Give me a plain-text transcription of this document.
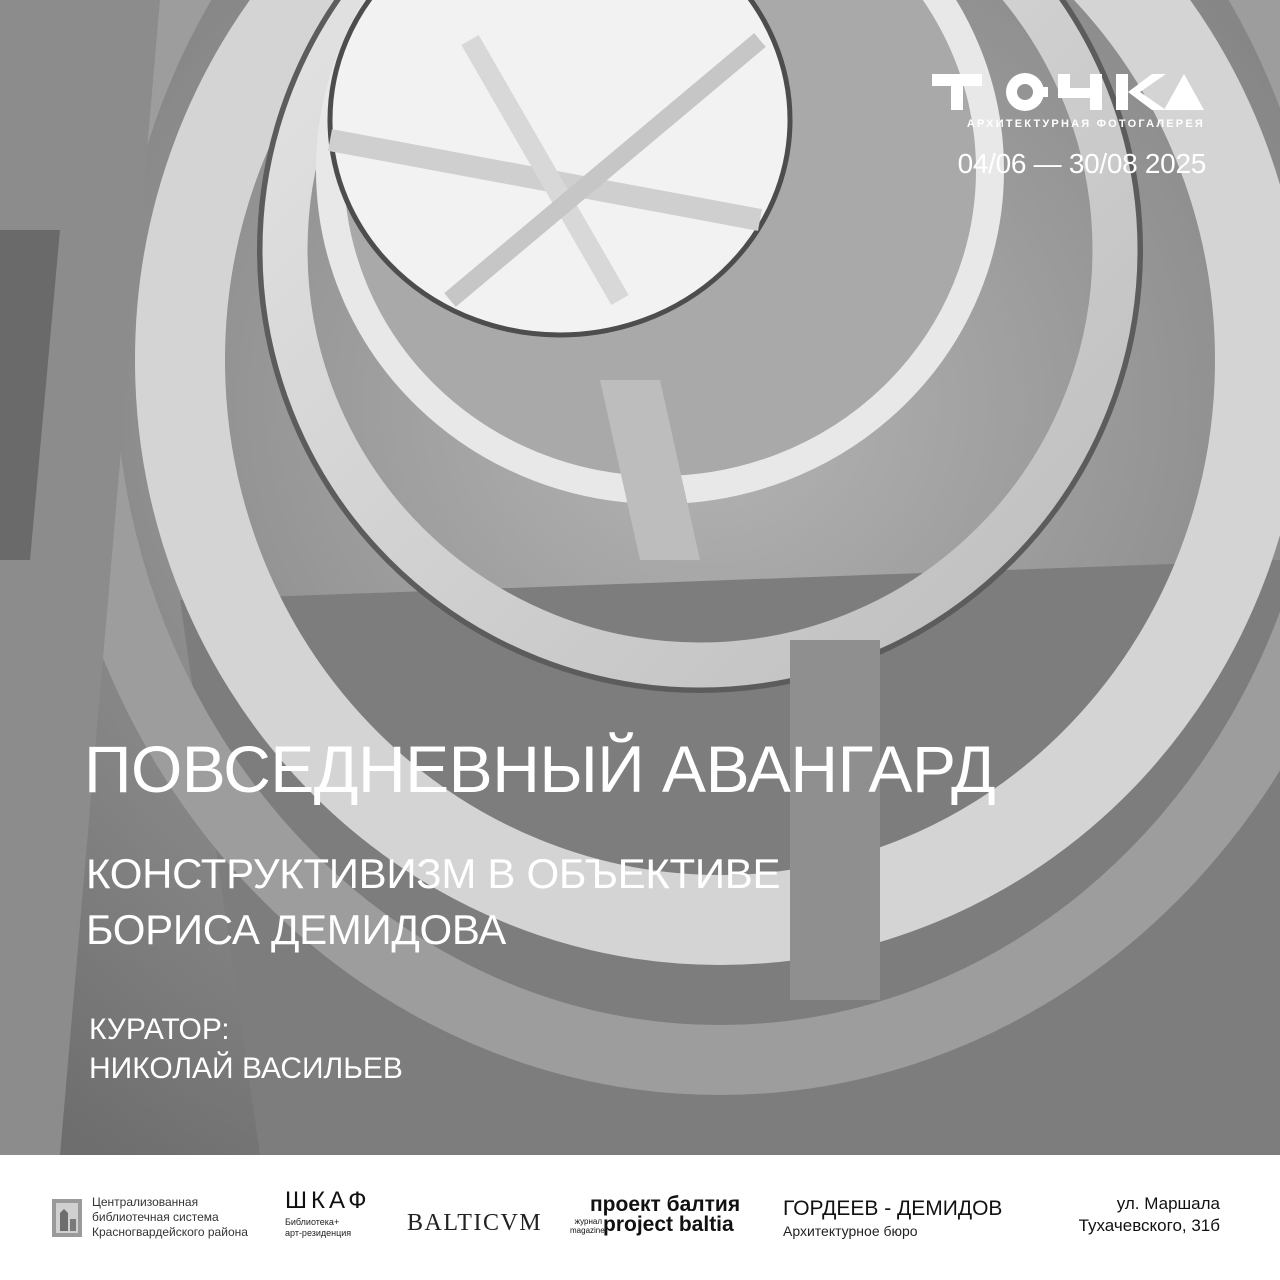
АРХИТЕКТУРНАЯ ФОТОГАЛЕРЕЯ
04/06 — 30/08 2025
ПОВСЕДНЕВНЫЙ АВАНГАРД
КОНСТРУКТИВИЗМ В ОБЪЕКТИВЕ
БОРИСА ДЕМИДОВА
КУРАТОР:
НИКОЛАЙ ВАСИЛЬЕВ
Централизованная
библиотечная система
Красногвардейского района
ШКАФ
Библиотека+
арт-резиденция	BALTICVM
проект балтия
журнал
magazine
project baltia
ГОРДЕЕВ - ДЕМИДОВ
Архитектурное бюро
ул. Маршала
Тухачевского, 31б
